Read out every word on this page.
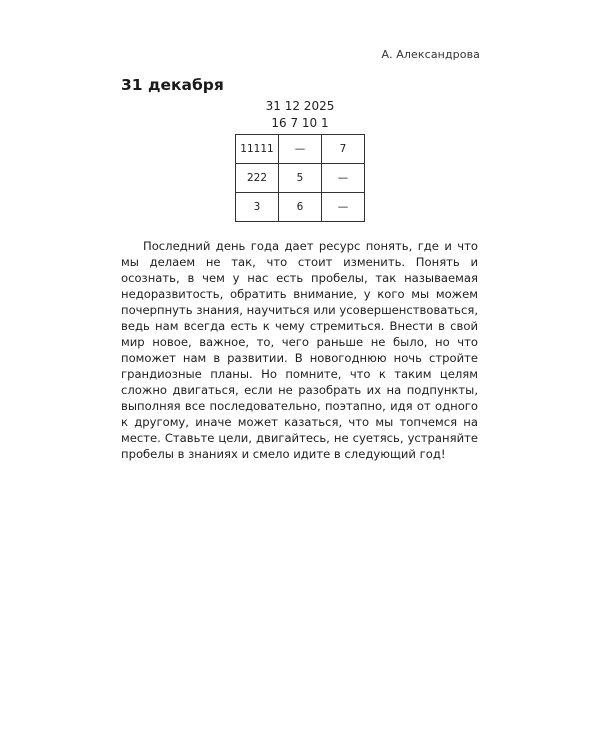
А. Александрова
31 декабря
31 12 2025
16 7 10 1
11111	—	7
222	5	—
3	6	—

Последний день года дает ресурс понять, где и что мы делаем не так, что стоит изменить. Понять и осознать, в чем у нас есть пробелы, так называемая недоразвитость, обратить внимание, у кого мы можем почерпнуть знания, научиться или усовершенствоваться, ведь нам всегда есть к чему стремиться. Внести в свой мир новое, важное, то, чего раньше не было, но что поможет нам в развитии. В новогоднюю ночь стройте грандиозные планы. Но помните, что к таким целям сложно двигаться, если не разобрать их на подпункты, выполняя все последовательно, поэтапно, идя от одного к другому, иначе может казаться, что мы топчемся на месте. Ставьте цели, двигайтесь, не суетясь, устраняйте пробелы в знаниях и смело идите в следующий год!
